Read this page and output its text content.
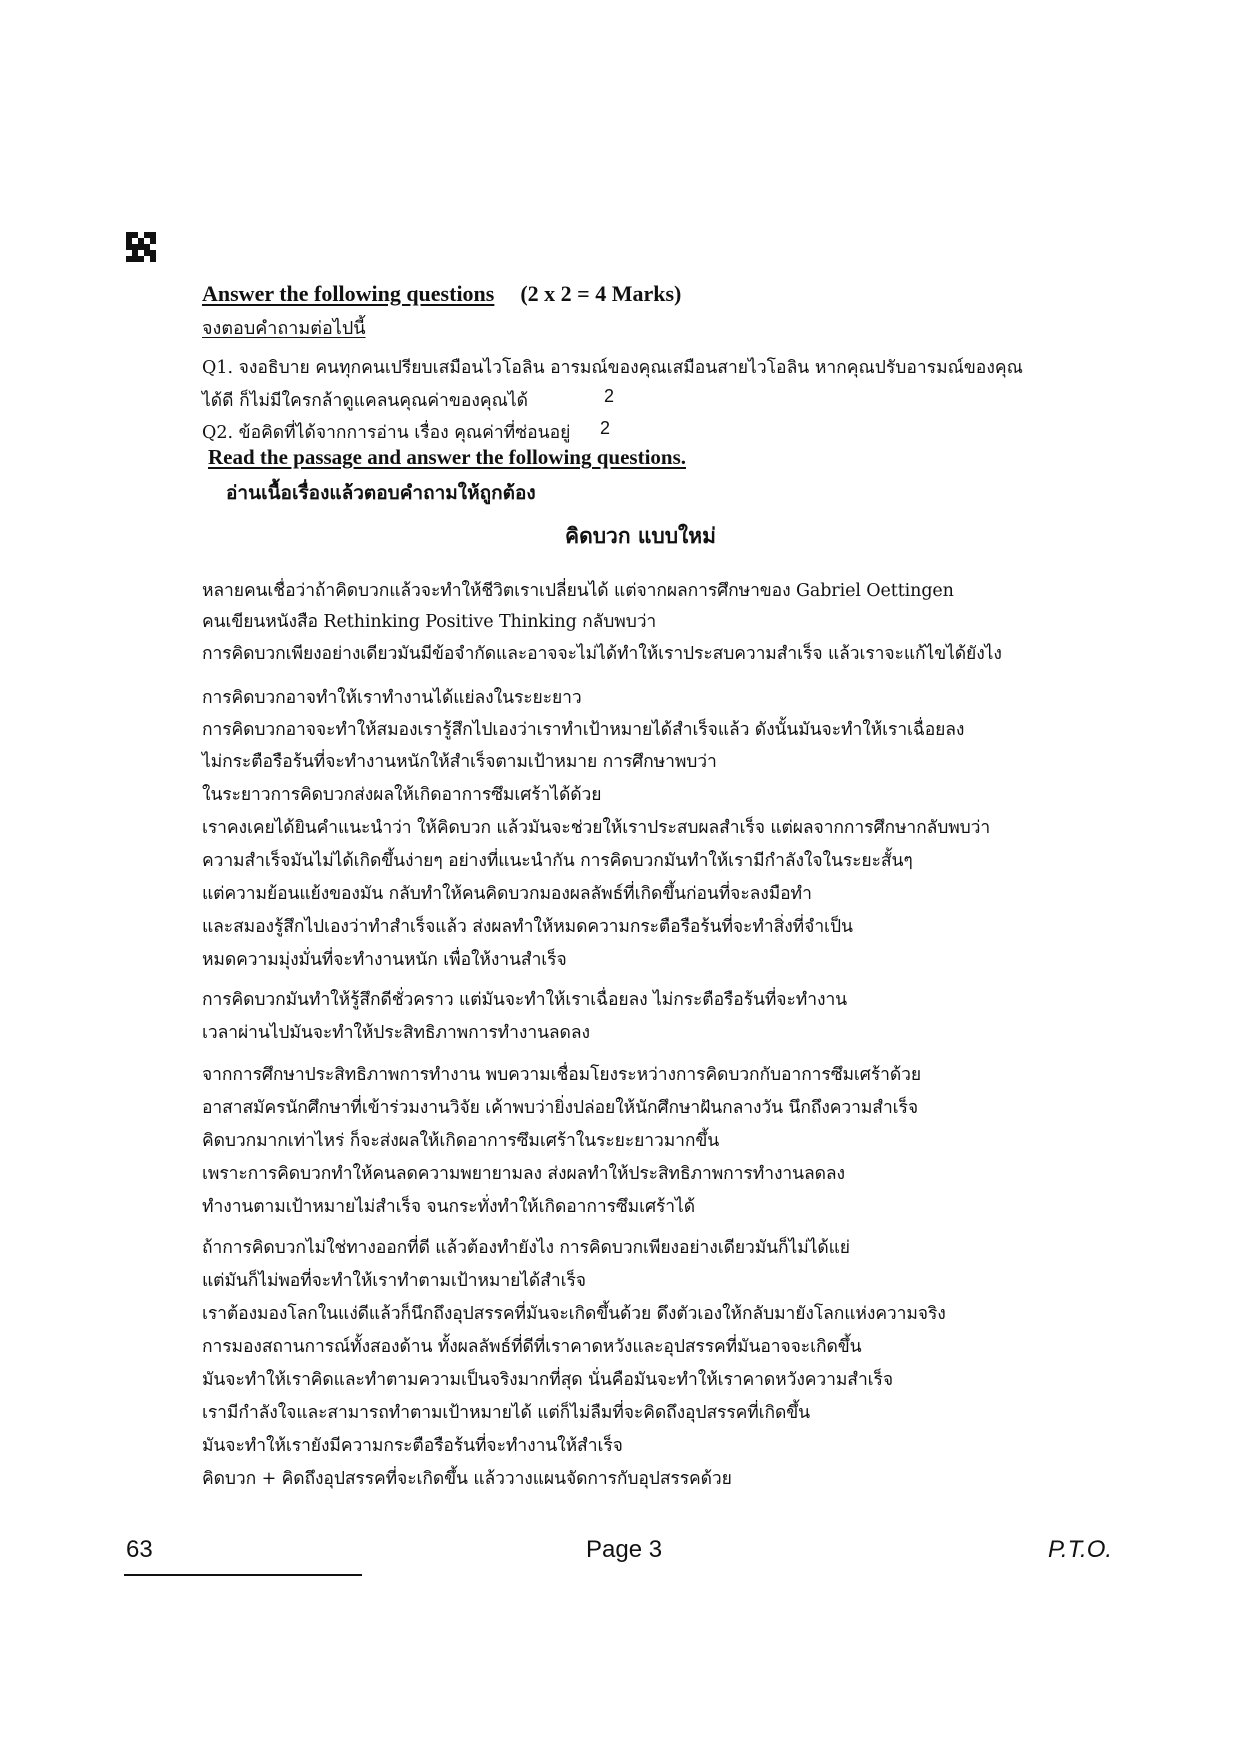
Answer the following questions (2 x 2 = 4 Marks)
จงตอบคำถามต่อไปนี้
Q1. จงอธิบาย คนทุกคนเปรียบเสมือนไวโอลิน อารมณ์ของคุณเสมือนสายไวโอลิน หากคุณปรับอารมณ์ของคุณ
ได้ดี ก็ไม่มีใครกล้าดูแคลนคุณค่าของคุณได้	2
Q2. ข้อคิดที่ได้จากการอ่าน เรื่อง คุณค่าที่ซ่อนอยู่ 2
Read the passage and answer the following questions.
อ่านเนื้อเรื่องแล้วตอบคำถามให้ถูกต้อง
คิดบวก แบบใหม่
หลายคนเชื่อว่าถ้าคิดบวกแล้วจะทำให้ชีวิตเราเปลี่ยนได้ แต่จากผลการศึกษาของ Gabriel Oettingen
คนเขียนหนังสือ Rethinking Positive Thinking กลับพบว่า
การคิดบวกเพียงอย่างเดียวมันมีข้อจำกัดและอาจจะไม่ได้ทำให้เราประสบความสำเร็จ แล้วเราจะแก้ไขได้ยังไง
การคิดบวกอาจทำให้เราทำงานได้แย่ลงในระยะยาว
การคิดบวกอาจจะทำให้สมองเรารู้สึกไปเองว่าเราทำเป้าหมายได้สำเร็จแล้ว ดังนั้นมันจะทำให้เราเฉื่อยลง
ไม่กระตือรือร้นที่จะทำงานหนักให้สำเร็จตามเป้าหมาย การศึกษาพบว่า
ในระยาวการคิดบวกส่งผลให้เกิดอาการซึมเศร้าได้ด้วย
เราคงเคยได้ยินคำแนะนำว่า ให้คิดบวก แล้วมันจะช่วยให้เราประสบผลสำเร็จ แต่ผลจากการศึกษากลับพบว่า
ความสำเร็จมันไม่ได้เกิดขึ้นง่ายๆ อย่างที่แนะนำกัน การคิดบวกมันทำให้เรามีกำลังใจในระยะสั้นๆ
แต่ความย้อนแย้งของมัน กลับทำให้คนคิดบวกมองผลลัพธ์ที่เกิดขึ้นก่อนที่จะลงมือทำ
และสมองรู้สึกไปเองว่าทำสำเร็จแล้ว ส่งผลทำให้หมดความกระตือรือร้นที่จะทำสิ่งที่จำเป็น
หมดความมุ่งมั่นที่จะทำงานหนัก เพื่อให้งานสำเร็จ
การคิดบวกมันทำให้รู้สึกดีชั่วคราว แต่มันจะทำให้เราเฉื่อยลง ไม่กระตือรือร้นที่จะทำงาน
เวลาผ่านไปมันจะทำให้ประสิทธิภาพการทำงานลดลง
จากการศึกษาประสิทธิภาพการทำงาน พบความเชื่อมโยงระหว่างการคิดบวกกับอาการซึมเศร้าด้วย
อาสาสมัครนักศึกษาที่เข้าร่วมงานวิจัย เค้าพบว่ายิ่งปล่อยให้นักศึกษาฝันกลางวัน นึกถึงความสำเร็จ
คิดบวกมากเท่าไหร่ ก็จะส่งผลให้เกิดอาการซึมเศร้าในระยะยาวมากขึ้น
เพราะการคิดบวกทำให้คนลดความพยายามลง ส่งผลทำให้ประสิทธิภาพการทำงานลดลง
ทำงานตามเป้าหมายไม่สำเร็จ จนกระทั่งทำให้เกิดอาการซึมเศร้าได้
ถ้าการคิดบวกไม่ใช่ทางออกที่ดี แล้วต้องทำยังไง การคิดบวกเพียงอย่างเดียวมันก็ไม่ได้แย่
แต่มันก็ไม่พอที่จะทำให้เราทำตามเป้าหมายได้สำเร็จ
เราต้องมองโลกในแง่ดีแล้วก็นึกถึงอุปสรรคที่มันจะเกิดขึ้นด้วย ดึงตัวเองให้กลับมายังโลกแห่งความจริง
การมองสถานการณ์ทั้งสองด้าน ทั้งผลลัพธ์ที่ดีที่เราคาดหวังและอุปสรรคที่มันอาจจะเกิดขึ้น
มันจะทำให้เราคิดและทำตามความเป็นจริงมากที่สุด นั่นคือมันจะทำให้เราคาดหวังความสำเร็จ
เรามีกำลังใจและสามารถทำตามเป้าหมายได้ แต่ก็ไม่ลืมที่จะคิดถึงอุปสรรคที่เกิดขึ้น
มันจะทำให้เรายังมีความกระตือรือร้นที่จะทำงานให้สำเร็จ
คิดบวก + คิดถึงอุปสรรคที่จะเกิดขึ้น แล้ววางแผนจัดการกับอุปสรรคด้วย
63	Page 3	P.T.O.
